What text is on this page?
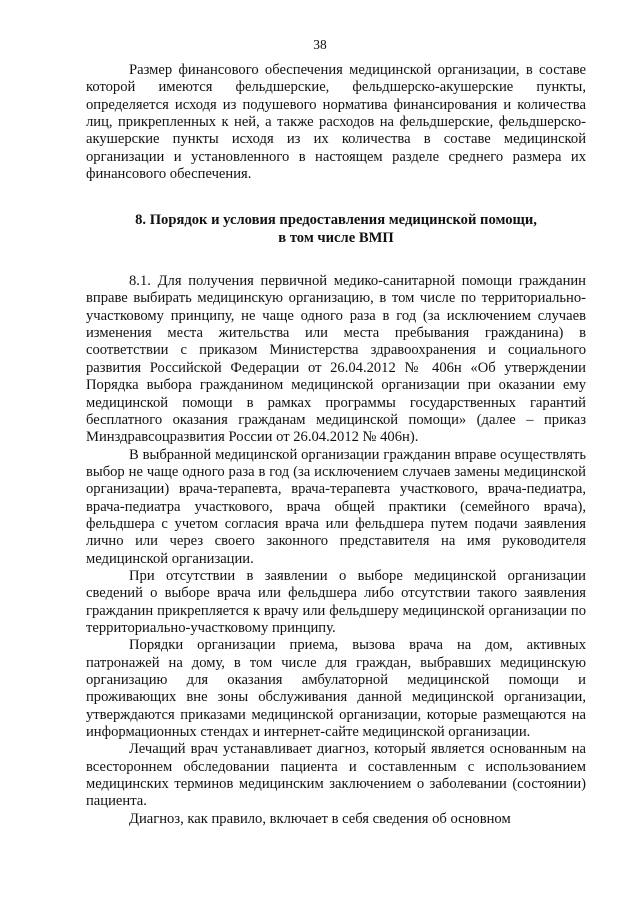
38

Размер финансового обеспечения медицинской организации, в составе которой имеются фельдшерские, фельдшерско-акушерские пункты, определяется исходя из подушевого норматива финансирования и количества лиц, прикрепленных к ней, а также расходов на фельдшерские, фельдшерско-акушерские пункты исходя из их количества в составе медицинской организации и установленного в настоящем разделе среднего размера их финансового обеспечения.

8. Порядок и условия предоставления медицинской помощи,
в том числе ВМП

8.1. Для получения первичной медико-санитарной помощи гражданин вправе выбирать медицинскую организацию, в том числе по территориально-участковому принципу, не чаще одного раза в год (за исключением случаев изменения места жительства или места пребывания гражданина) в соответствии с приказом Министерства здравоохранения и социального развития Российской Федерации от 26.04.2012 № 406н «Об утверждении Порядка выбора гражданином медицинской организации при оказании ему медицинской помощи в рамках программы государственных гарантий бесплатного оказания гражданам медицинской помощи» (далее – приказ Минздравсоцразвития России от 26.04.2012 № 406н).

В выбранной медицинской организации гражданин вправе осуществлять выбор не чаще одного раза в год (за исключением случаев замены медицинской организации) врача-терапевта, врача-терапевта участкового, врача-педиатра, врача-педиатра участкового, врача общей практики (семейного врача), фельдшера с учетом согласия врача или фельдшера путем подачи заявления лично или через своего законного представителя на имя руководителя медицинской организации.

При отсутствии в заявлении о выборе медицинской организации сведений о выборе врача или фельдшера либо отсутствии такого заявления гражданин прикрепляется к врачу или фельдшеру медицинской организации по территориально-участковому принципу.

Порядки организации приема, вызова врача на дом, активных патронажей на дому, в том числе для граждан, выбравших медицинскую организацию для оказания амбулаторной медицинской помощи и проживающих вне зоны обслуживания данной медицинской организации, утверждаются приказами медицинской организации, которые размещаются на информационных стендах и интернет-сайте медицинской организации.

Лечащий врач устанавливает диагноз, который является основанным на всестороннем обследовании пациента и составленным с использованием медицинских терминов медицинским заключением о заболевании (состоянии) пациента.

Диагноз, как правило, включает в себя сведения об основном
